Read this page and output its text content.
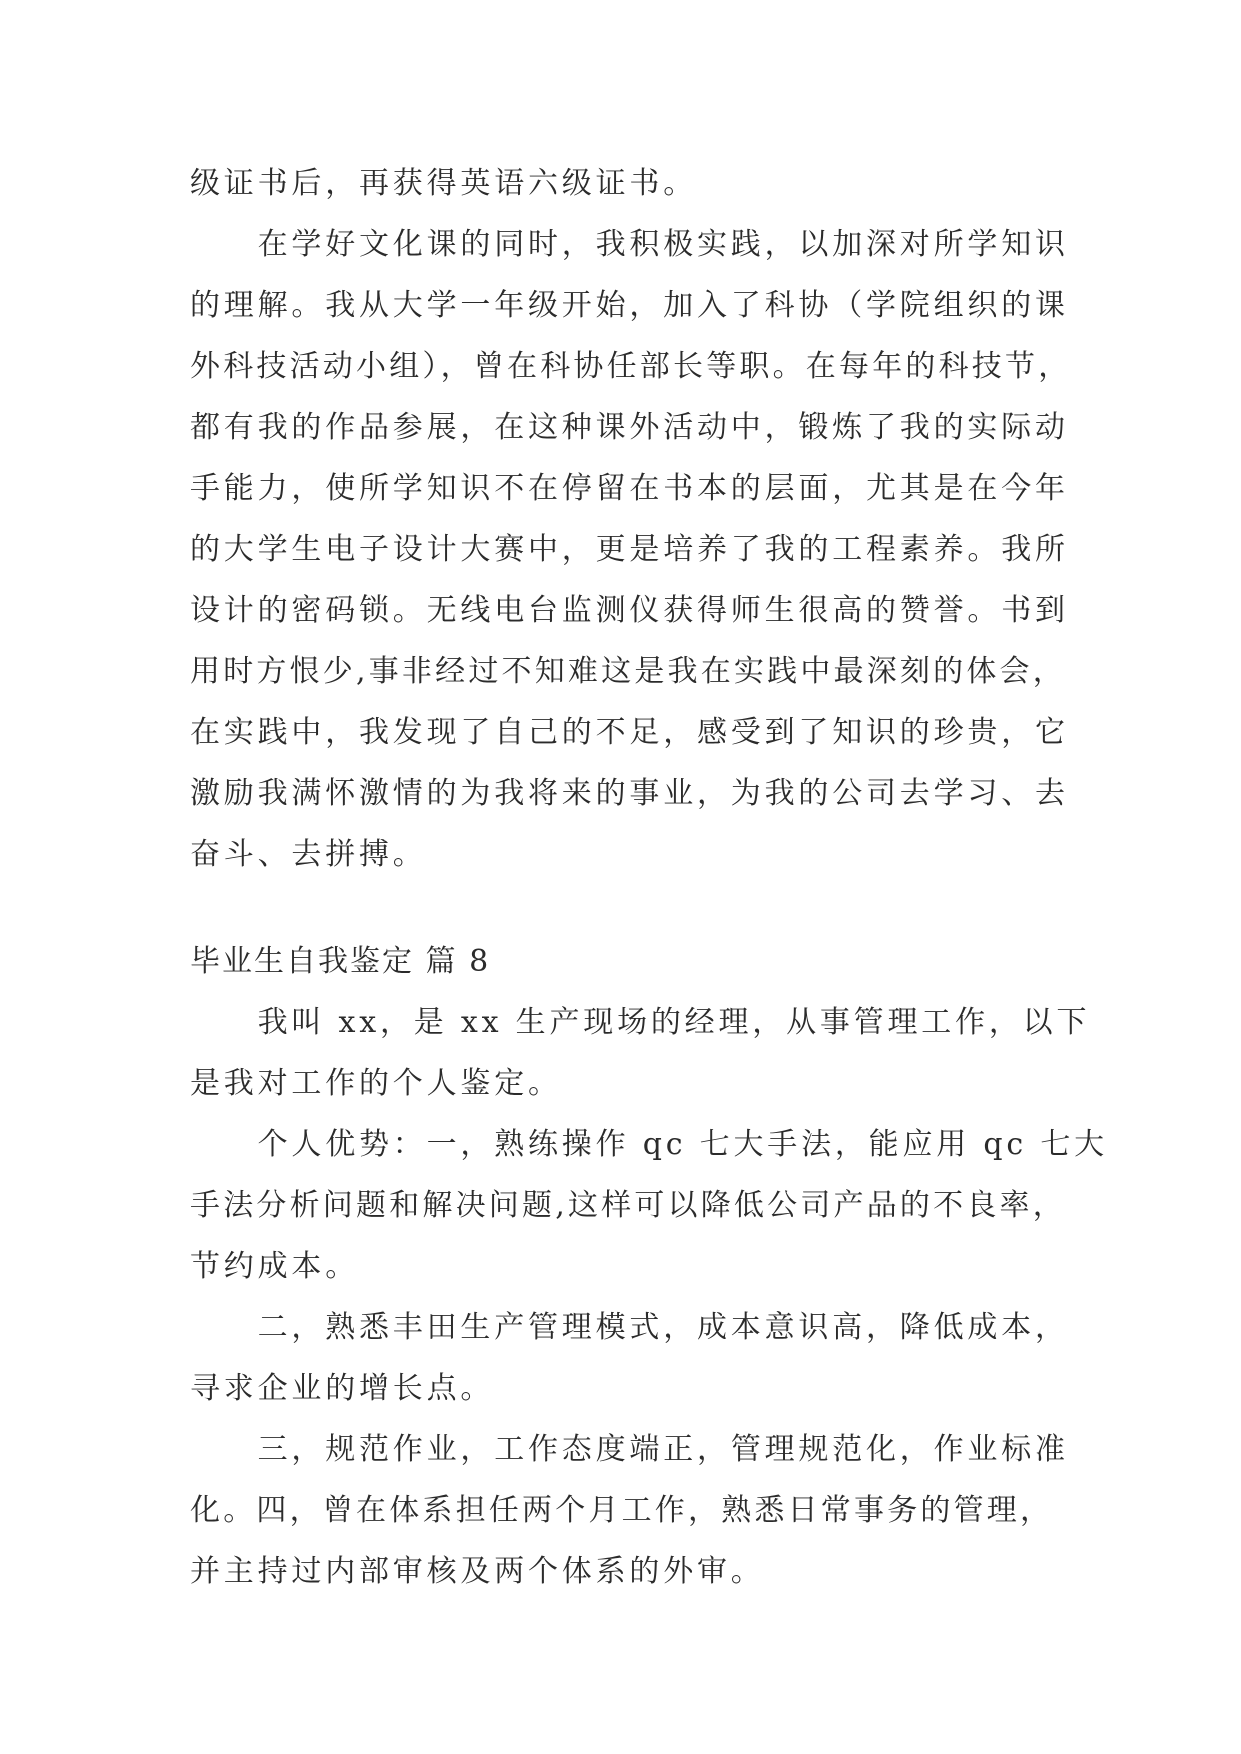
级证书后，再获得英语六级证书。
　　在学好文化课的同时，我积极实践，以加深对所学知识
的理解。我从大学一年级开始，加入了科协（学院组织的课
外科技活动小组），曾在科协任部长等职。在每年的科技节，
都有我的作品参展，在这种课外活动中，锻炼了我的实际动
手能力，使所学知识不在停留在书本的层面，尤其是在今年
的大学生电子设计大赛中，更是培养了我的工程素养。我所
设计的密码锁。无线电台监测仪获得师生很高的赞誉。书到
用时方恨少,事非经过不知难这是我在实践中最深刻的体会，
在实践中，我发现了自己的不足，感受到了知识的珍贵，它
激励我满怀激情的为我将来的事业，为我的公司去学习、去
奋斗、去拼搏。
毕业生自我鉴定 篇 8
　　我叫 xx，是 xx 生产现场的经理，从事管理工作，以下
是我对工作的个人鉴定。
　　个人优势：一，熟练操作 qc 七大手法，能应用 qc 七大
手法分析问题和解决问题,这样可以降低公司产品的不良率，
节约成本。
　　二，熟悉丰田生产管理模式，成本意识高，降低成本，
寻求企业的增长点。
　　三，规范作业，工作态度端正，管理规范化，作业标准
化。四，曾在体系担任两个月工作，熟悉日常事务的管理，
并主持过内部审核及两个体系的外审。
